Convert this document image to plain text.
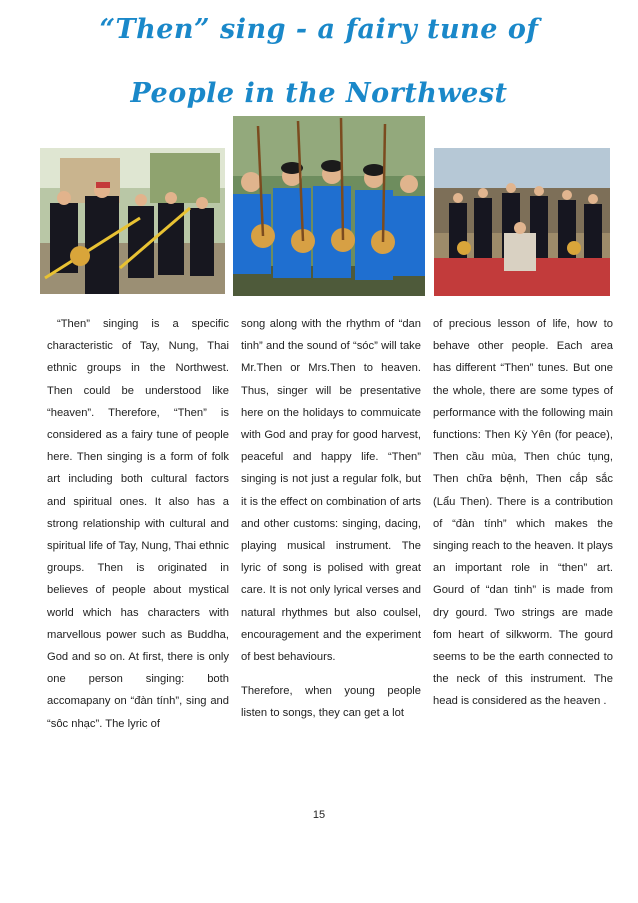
“Then” sing - a fairy tune of
People in the Northwest

“Then” singing is a specific characteristic of Tay, Nung, Thai ethnic groups in the Northwest. Then could be understood like “heaven”. Therefore, “Then” is considered as a fairy tune of people here. Then singing is a form of folk art including both cultural factors and spiritual ones. It also has a strong relationship with cultural and spiritual life of Tay, Nung, Thai ethnic groups. Then is originated in believes of people about mystical world which has characters with marvellous power such as Buddha, God and so on. At first, there is only one person singing: both accomapany on “đàn tính”, sing and “sôc nhạc”. The lyric of

song along with the rhythm of “dan tinh” and the sound of “sóc” will take Mr.Then or Mrs.Then to heaven. Thus, singer will be presentative here on the holidays to commuicate with God and pray for good harvest, peaceful and happy life. “Then” singing is not just a regular folk, but it is the effect on combination of arts and other customs: singing, dacing, playing musical instrument. The lyric of song is polised with great care. It is not only lyrical verses and natural rhythmes but also coulsel, encouragement and the experiment of best behaviours.

Therefore, when young people listen to songs, they can get a lot

of precious lesson of life, how to behave other people. Each area has different “Then” tunes. But one the whole, there are some types of performance with the following main functions: Then Kỳ Yên (for peace), Then cầu mùa, Then chúc tụng, Then chữa bệnh, Then cắp sắc (Lẩu Then). There is a contribution of “đàn tính” which makes the singing reach to the heaven. It plays an important role in “then” art. Gourd of “dan tinh” is made from dry gourd. Two strings are made fom heart of silkworm. The gourd seems to be the earth connected to the neck of this instrument. The head is considered as the heaven .

15
